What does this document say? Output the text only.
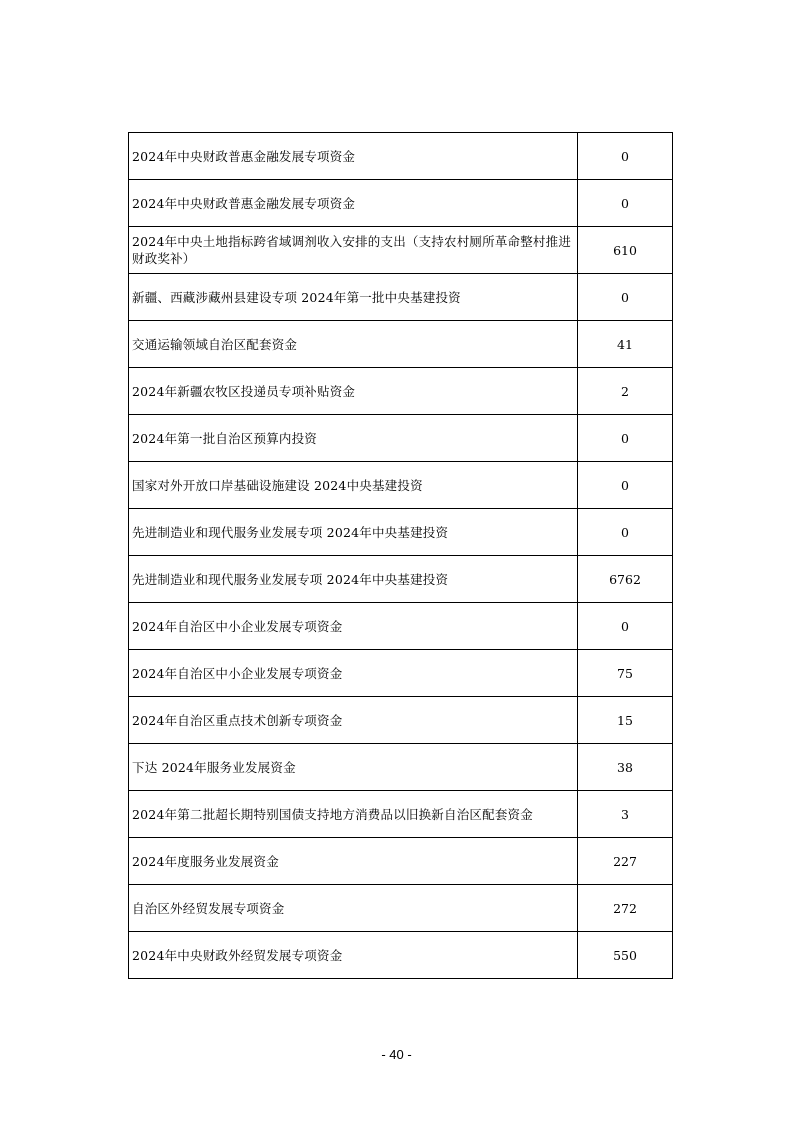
2024年中央财政普惠金融发展专项资金	0
2024年中央财政普惠金融发展专项资金	0
2024年中央土地指标跨省域调剂收入安排的支出（支持农村厕所革命整村推进财政奖补）	610
新疆、西藏涉藏州县建设专项 2024年第一批中央基建投资	0
交通运输领域自治区配套资金	41
2024年新疆农牧区投递员专项补贴资金	2
2024年第一批自治区预算内投资	0
国家对外开放口岸基础设施建设 2024中央基建投资	0
先进制造业和现代服务业发展专项 2024年中央基建投资	0
先进制造业和现代服务业发展专项 2024年中央基建投资	6762
2024年自治区中小企业发展专项资金	0
2024年自治区中小企业发展专项资金	75
2024年自治区重点技术创新专项资金	15
下达 2024年服务业发展资金	38
2024年第二批超长期特别国债支持地方消费品以旧换新自治区配套资金	3
2024年度服务业发展资金	227
自治区外经贸发展专项资金	272
2024年中央财政外经贸发展专项资金	550
- 40 -
